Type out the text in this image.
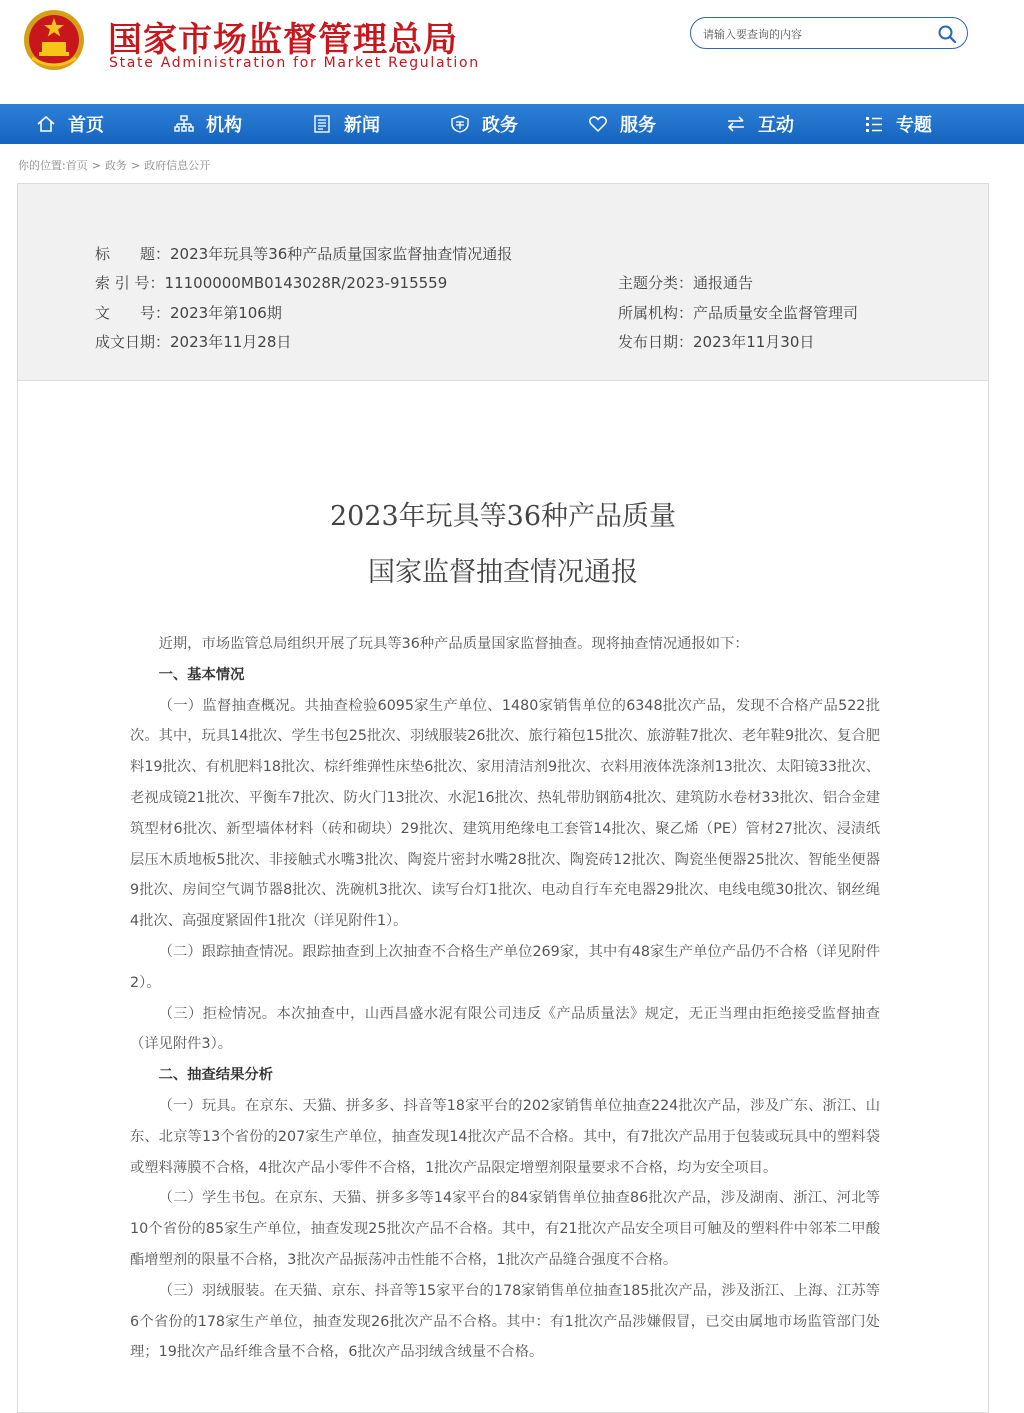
国家市场监督管理总局
State Administration for Market Regulation
请输入要查询的内容
首页	机构	新闻	政务	服务	互动	专题
你的位置:首页 > 政务 > 政府信息公开
标　　题：2023年玩具等36种产品质量国家监督抽查情况通报
索 引 号：11100000MB0143028R/2023-915559	主题分类：通报通告
文　　号：2023年第106期	所属机构：产品质量安全监督管理司
成文日期：2023年11月28日	发布日期：2023年11月30日
2023年玩具等36种产品质量
国家监督抽查情况通报

近期，市场监管总局组织开展了玩具等36种产品质量国家监督抽查。现将抽查情况通报如下：

一、基本情况

（一）监督抽查概况。共抽查检验6095家生产单位、1480家销售单位的6348批次产品，发现不合格产品522批次。其中，玩具14批次、学生书包25批次、羽绒服装26批次、旅行箱包15批次、旅游鞋7批次、老年鞋9批次、复合肥料19批次、有机肥料18批次、棕纤维弹性床垫6批次、家用清洁剂9批次、衣料用液体洗涤剂13批次、太阳镜33批次、老视成镜21批次、平衡车7批次、防火门13批次、水泥16批次、热轧带肋钢筋4批次、建筑防水卷材33批次、铝合金建筑型材6批次、新型墙体材料（砖和砌块）29批次、建筑用绝缘电工套管14批次、聚乙烯（PE）管材27批次、浸渍纸层压木质地板5批次、非接触式水嘴3批次、陶瓷片密封水嘴28批次、陶瓷砖12批次、陶瓷坐便器25批次、智能坐便器9批次、房间空气调节器8批次、洗碗机3批次、读写台灯1批次、电动自行车充电器29批次、电线电缆30批次、钢丝绳4批次、高强度紧固件1批次（详见附件1）。

（二）跟踪抽查情况。跟踪抽查到上次抽查不合格生产单位269家，其中有48家生产单位产品仍不合格（详见附件2）。

（三）拒检情况。本次抽查中，山西昌盛水泥有限公司违反《产品质量法》规定，无正当理由拒绝接受监督抽查（详见附件3）。

二、抽查结果分析

（一）玩具。在京东、天猫、拼多多、抖音等18家平台的202家销售单位抽查224批次产品，涉及广东、浙江、山东、北京等13个省份的207家生产单位，抽查发现14批次产品不合格。其中，有7批次产品用于包装或玩具中的塑料袋或塑料薄膜不合格，4批次产品小零件不合格，1批次产品限定增塑剂限量要求不合格，均为安全项目。

（二）学生书包。在京东、天猫、拼多多等14家平台的84家销售单位抽查86批次产品，涉及湖南、浙江、河北等10个省份的85家生产单位，抽查发现25批次产品不合格。其中，有21批次产品安全项目可触及的塑料件中邻苯二甲酸酯增塑剂的限量不合格，3批次产品振荡冲击性能不合格，1批次产品缝合强度不合格。

（三）羽绒服装。在天猫、京东、抖音等15家平台的178家销售单位抽查185批次产品，涉及浙江、上海、江苏等6个省份的178家生产单位，抽查发现26批次产品不合格。其中：有1批次产品涉嫌假冒，已交由属地市场监管部门处理；19批次产品纤维含量不合格，6批次产品羽绒含绒量不合格。
